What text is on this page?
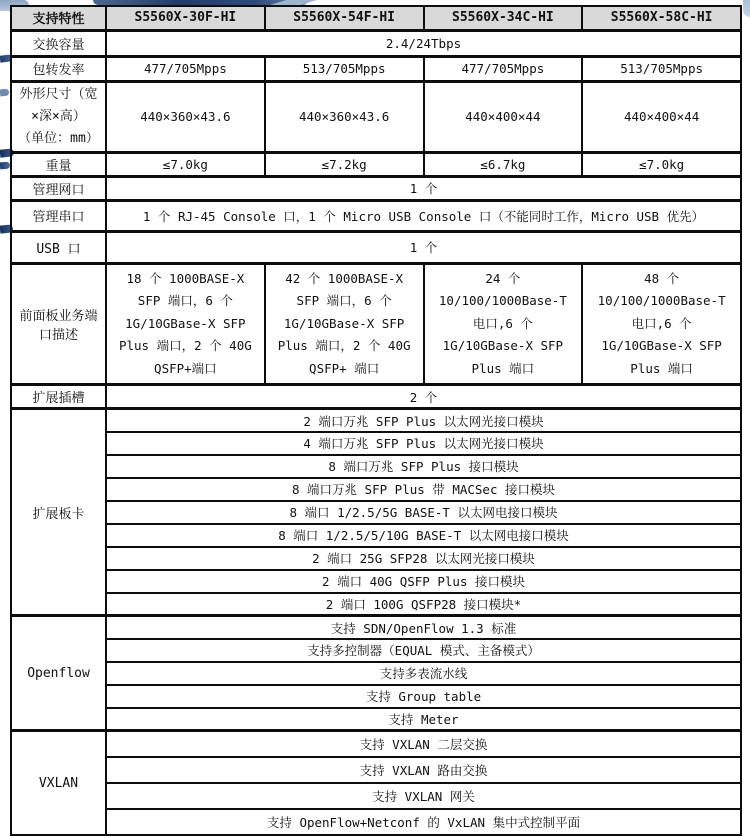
支持特性	S5560X-30F-HI	S5560X-54F-HI	S5560X-34C-HI	S5560X-58C-HI
交换容量	2.4/24Tbps			
包转发率	477/705Mpps	513/705Mpps	477/705Mpps	513/705Mpps

外形尺寸（宽
×深×高）
（单位：mm）	440×360×43.6	440×360×43.6	440×400×44	440×400×44
重量	≤7.0kg	≤7.2kg	≤6.7kg	≤7.0kg
管理网口	1 个			
管理串口	1 个 RJ-45 Console 口，1 个 Micro USB Console 口（不能同时工作，Micro USB 优先）			
USB 口	1 个			
前面板业务端口描述	18 个 1000BASE-X SFP 端口，6 个 1G/10GBase-X SFP Plus 端口，2 个 40G QSFP+端口	42 个 1000BASE-X SFP 端口，6 个 1G/10GBase-X SFP Plus 端口，2 个 40G QSFP+ 端口	24 个 10/100/1000Base-T 电口,6 个 1G/10GBase-X SFP Plus 端口	48 个 10/100/1000Base-T 电口,6 个 1G/10GBase-X SFP Plus 端口
扩展插槽	2 个			
扩展板卡	2 端口万兆 SFP Plus 以太网光接口模块			
	4 端口万兆 SFP Plus 以太网光接口模块			
	8 端口万兆 SFP Plus 接口模块			
	8 端口万兆 SFP Plus 带 MACSec 接口模块			
	8 端口 1/2.5/5G BASE-T 以太网电接口模块			
	8 端口 1/2.5/5/10G BASE-T 以太网电接口模块			
	2 端口 25G SFP28 以太网光接口模块			
	2 端口 40G QSFP Plus 接口模块			
	2 端口 100G QSFP28 接口模块*			
Openflow	支持 SDN/OpenFlow 1.3 标准			
	支持多控制器（EQUAL 模式、主备模式）			
	支持多表流水线			
	支持 Group table			
	支持 Meter			
VXLAN	支持 VXLAN 二层交换			
	支持 VXLAN 路由交换			
	支持 VXLAN 网关			
	支持 OpenFlow+Netconf 的 VxLAN 集中式控制平面			
